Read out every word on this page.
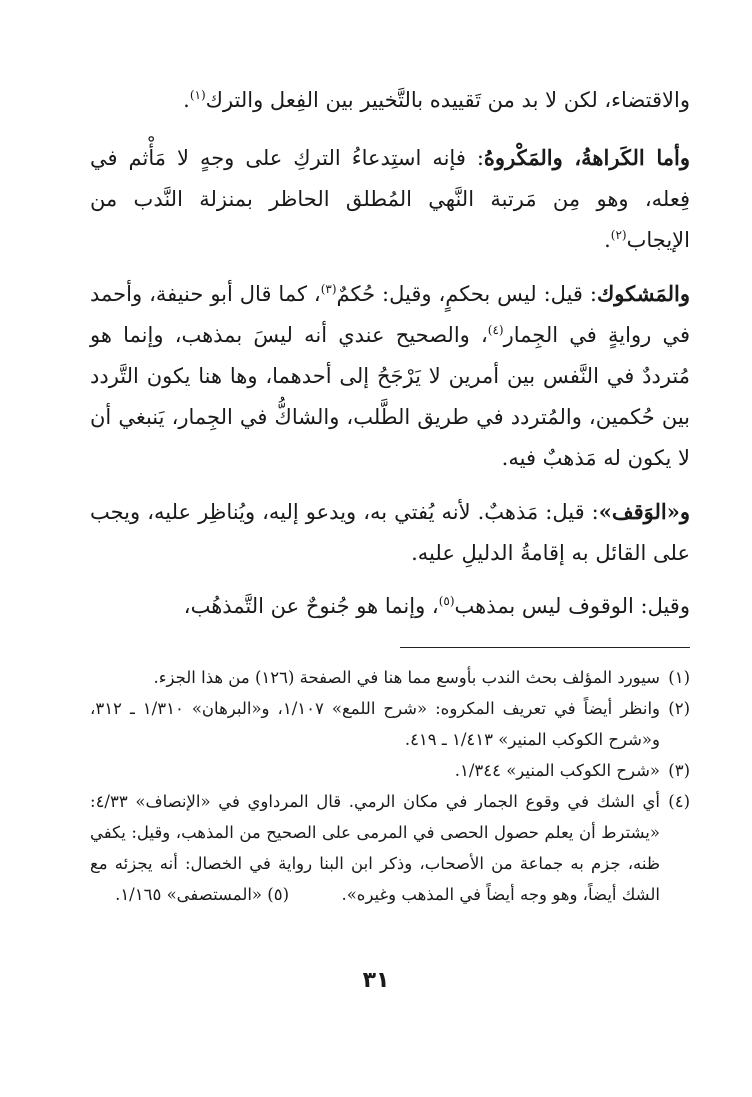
والاقتضاء، لكن لا بد من تَقييده بالتَّخيير بين الفِعل والترك$^{(١)}$.

وأما الكَراهةُ، والمَكْروهُ: فإنه استِدعاءُ التركِ على وجهٍ لا مَأْثم في فِعله، وهو مِن مَرتبة النَّهي المُطلق الحاظر بمنزلة النَّدب من الإيجاب$^{(٢)}$.

والمَشكوك: قيل: ليس بحكمٍ، وقيل: حُكمٌ$^{(٣)}$، كما قال أبو حنيفة، وأحمد في روايةٍ في الجِمار$^{(٤)}$، والصحيح عندي أنه ليسَ بمذهب، وإنما هو مُترددٌ في النَّفس بين أمرين لا يَرْجَحُ إلى أحدهما، وها هنا يكون التَّردد بين حُكمين، والمُتردد في طريق الطَّلب، والشاكُّ في الجِمار، يَنبغي أن لا يكون له مَذهبٌ فيه.

و«الوَقف»: قيل: مَذهبٌ. لأنه يُفتي به، ويدعو إليه، ويُناظِر عليه، ويجب على القائل به إقامةُ الدليلِ عليه.

وقيل: الوقوف ليس بمذهب$^{(٥)}$، وإنما هو جُنوحٌ عن التَّمذهُب،

(١)
سيورد المؤلف بحث الندب بأوسع مما هنا في الصفحة (١٢٦) من هذا الجزء.
(٢)
وانظر أيضاً في تعريف المكروه: «شرح اللمع» ١/١٠٧، و«البرهان» ١/٣١٠ ـ ٣١٢، و«شرح الكوكب المنير» ١/٤١٣ ـ ٤١٩.
(٣)
«شرح الكوكب المنير» ١/٣٤٤.
(٤)
أي الشك في وقوع الجمار في مكان الرمي. قال المرداوي في «الإنصاف» ٤/٣٣: «يشترط أن يعلم حصول الحصى في المرمى على الصحيح من المذهب، وقيل: يكفي ظنه، جزم به جماعة من الأصحاب، وذكر ابن البنا رواية في الخصال: أنه يجزئه مع الشك أيضاً، وهو وجه أيضاً في المذهب وغيره».          (٥) «المستصفى» ١/١٦٥.
٣١
